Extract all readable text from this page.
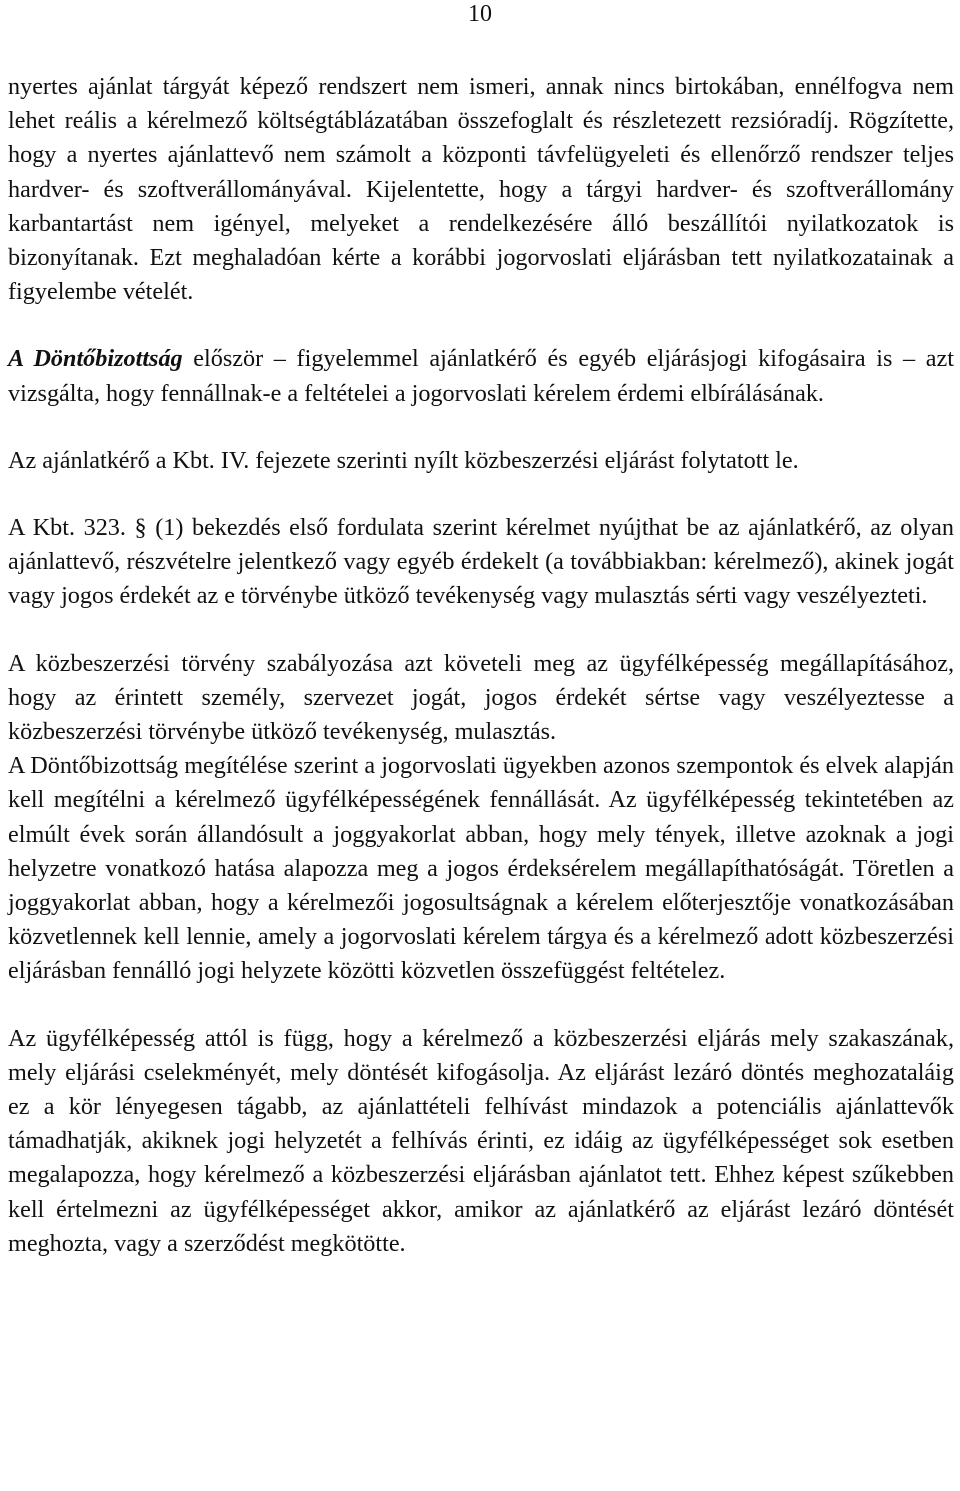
10

nyertes ajánlat tárgyát képező rendszert nem ismeri, annak nincs birtokában, ennélfogva nem lehet reális a kérelmező költségtáblázatában összefoglalt és részletezett rezsióradíj. Rögzítette, hogy a nyertes ajánlattevő nem számolt a központi távfelügyeleti és ellenőrző rendszer teljes hardver- és szoftverállományával. Kijelentette, hogy a tárgyi hardver- és szoftverállomány karbantartást nem igényel, melyeket a rendelkezésére álló beszállítói nyilatkozatok is bizonyítanak. Ezt meghaladóan kérte a korábbi jogorvoslati eljárásban tett nyilatkozatainak a figyelembe vételét.

A Döntőbizottság először – figyelemmel ajánlatkérő és egyéb eljárásjogi kifogásaira is – azt vizsgálta, hogy fennállnak-e a feltételei a jogorvoslati kérelem érdemi elbírálásának.

Az ajánlatkérő a Kbt. IV. fejezete szerinti nyílt közbeszerzési eljárást folytatott le.

A Kbt. 323. § (1) bekezdés első fordulata szerint kérelmet nyújthat be az ajánlatkérő, az olyan ajánlattevő, részvételre jelentkező vagy egyéb érdekelt (a továbbiakban: kérelmező), akinek jogát vagy jogos érdekét az e törvénybe ütköző tevékenység vagy mulasztás sérti vagy veszélyezteti.

A közbeszerzési törvény szabályozása azt követeli meg az ügyfélképesség megállapításához, hogy az érintett személy, szervezet jogát, jogos érdekét sértse vagy veszélyeztesse a közbeszerzési törvénybe ütköző tevékenység, mulasztás.

A Döntőbizottság megítélése szerint a jogorvoslati ügyekben azonos szempontok és elvek alapján kell megítélni a kérelmező ügyfélképességének fennállását. Az ügyfélképesség tekintetében az elmúlt évek során állandósult a joggyakorlat abban, hogy mely tények, illetve azoknak a jogi helyzetre vonatkozó hatása alapozza meg a jogos érdeksérelem megállapíthatóságát. Töretlen a joggyakorlat abban, hogy a kérelmezői jogosultságnak a kérelem előterjesztője vonatkozásában közvetlennek kell lennie, amely a jogorvoslati kérelem tárgya és a kérelmező adott közbeszerzési eljárásban fennálló jogi helyzete közötti közvetlen összefüggést feltételez.

Az ügyfélképesség attól is függ, hogy a kérelmező a közbeszerzési eljárás mely szakaszának, mely eljárási cselekményét, mely döntését kifogásolja. Az eljárást lezáró döntés meghozataláig ez a kör lényegesen tágabb, az ajánlattételi felhívást mindazok a potenciális ajánlattevők támadhatják, akiknek jogi helyzetét a felhívás érinti, ez idáig az ügyfélképességet sok esetben megalapozza, hogy kérelmező a közbeszerzési eljárásban ajánlatot tett. Ehhez képest szűkebben kell értelmezni az ügyfélképességet akkor, amikor az ajánlatkérő az eljárást lezáró döntését meghozta, vagy a szerződést megkötötte.
